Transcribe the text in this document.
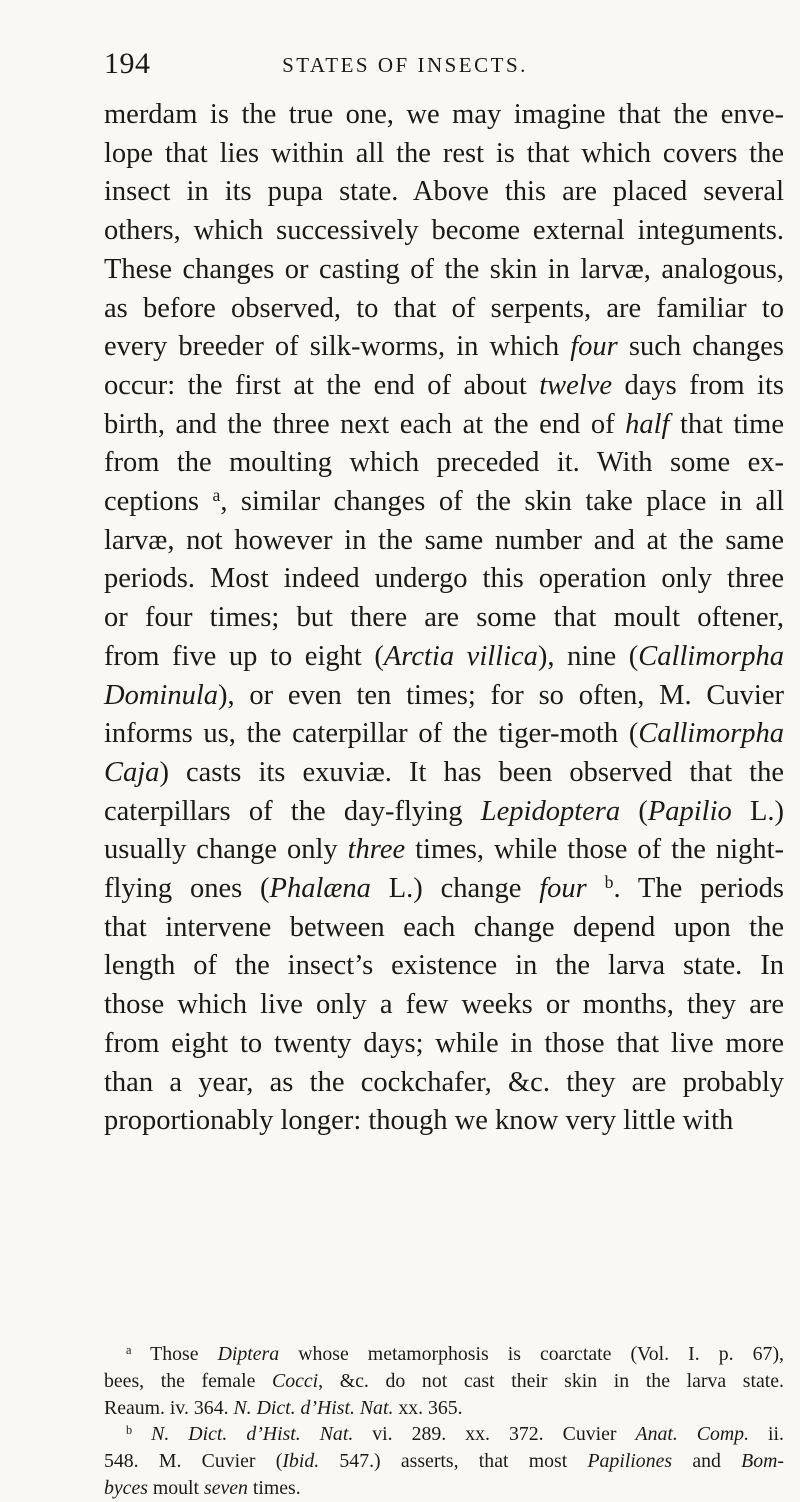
194	STATES OF INSECTS.
merdam is the true one, we may imagine that the enve-
lope that lies within all the rest is that which covers the
insect in its pupa state. Above this are placed several
others, which successively become external integuments.
These changes or casting of the skin in larvæ, analogous,
as before observed, to that of serpents, are familiar to
every breeder of silk-worms, in which four such changes
occur: the first at the end of about twelve days from its
birth, and the three next each at the end of half that time
from the moulting which preceded it. With some ex-
ceptions $^a$, similar changes of the skin take place in all
larvæ, not however in the same number and at the same
periods. Most indeed undergo this operation only three
or four times; but there are some that moult oftener,
from five up to eight (Arctia villica), nine (Callimorpha
Dominula), or even ten times; for so often, M. Cuvier
informs us, the caterpillar of the tiger-moth (Callimorpha
Caja) casts its exuviæ. It has been observed that the
caterpillars of the day-flying Lepidoptera (Papilio L.)
usually change only three times, while those of the night-
flying ones (Phalæna L.) change four $^b$. The periods
that intervene between each change depend upon the
length of the insect’s existence in the larva state. In
those which live only a few weeks or months, they are
from eight to twenty days; while in those that live more
than a year, as the cockchafer, &c. they are probably
proportionably longer: though we know very little with
$^a$ Those Diptera whose metamorphosis is coarctate (Vol. I. p. 67),
bees, the female Cocci, &c. do not cast their skin in the larva state.
Reaum. iv. 364. N. Dict. d’Hist. Nat. xx. 365.
$^b$ N. Dict. d’Hist. Nat. vi. 289. xx. 372. Cuvier Anat. Comp. ii.
548. M. Cuvier (Ibid. 547.) asserts, that most Papiliones and Bom-
byces moult seven times.
